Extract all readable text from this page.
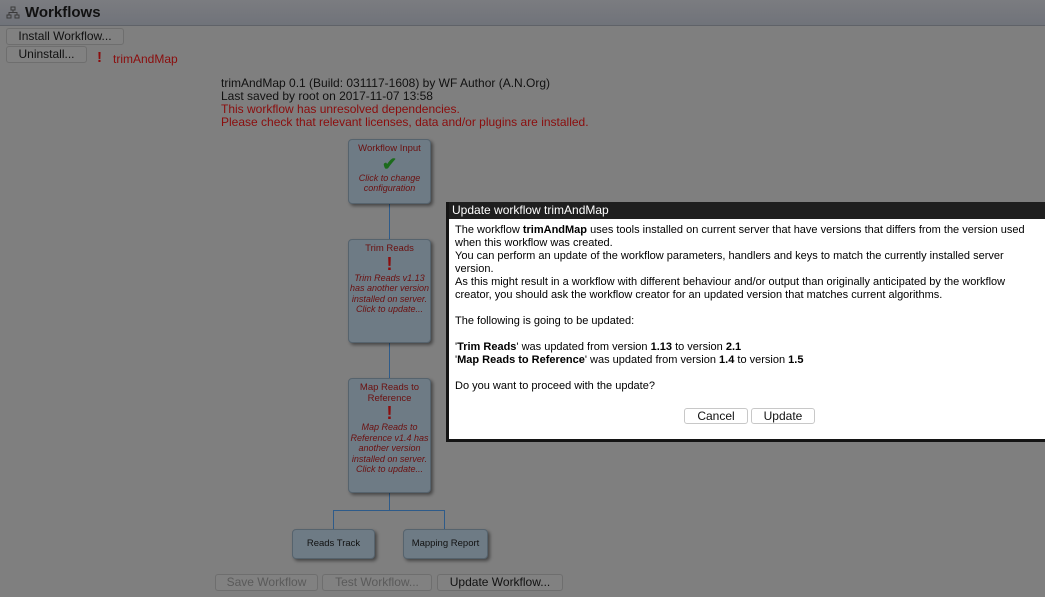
Workflows
Install Workflow...
Uninstall...	! trimAndMap
trimAndMap 0.1 (Build: 031117-1608) by WF Author (A.N.Org)
Last saved by root on 2017-11-07 13:58
This workflow has unresolved dependencies.
Please check that relevant licenses, data and/or plugins are installed.
Workflow Input
✔
Click to change configuration
Trim Reads
!
Trim Reads v1.13 has another version installed on server.
Click to update...
Map Reads to Reference
!
Map Reads to Reference v1.4 has another version installed on server.
Click to update...
Reads Track	Mapping Report
Save Workflow	Test Workflow...	Update Workflow...
Update workflow trimAndMap

The workflow trimAndMap uses tools installed on current server that have versions that differs from the version used when this workflow was created.

You can perform an update of the workflow parameters, handlers and keys to match the currently installed server version.

As this might result in a workflow with different behaviour and/or output than originally anticipated by the workflow creator, you should ask the workflow creator for an updated version that matches current algorithms.

The following is going to be updated:

'Trim Reads' was updated from version 1.13 to version 2.1

'Map Reads to Reference' was updated from version 1.4 to version 1.5

Do you want to proceed with the update?

Cancel	Update
